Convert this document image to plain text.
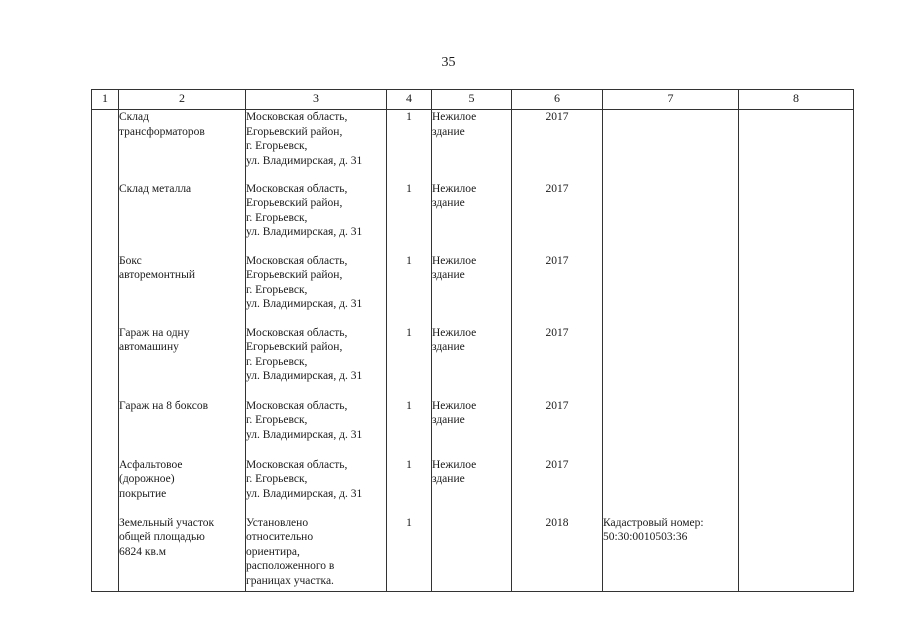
35
1	2	3	4	5	6	7	8
	Склад
трансформаторов	Московская область,
Егорьевский район,
г. Егорьевск,
ул. Владимирская, д. 31	1	Нежилое
здание	2017		
	Склад металла	Московская область,
Егорьевский район,
г. Егорьевск,
ул. Владимирская, д. 31	1	Нежилое
здание	2017		
	Бокс
авторемонтный	Московская область,
Егорьевский район,
г. Егорьевск,
ул. Владимирская, д. 31	1	Нежилое
здание	2017		
	Гараж на одну
автомашину	Московская область,
Егорьевский район,
г. Егорьевск,
ул. Владимирская, д. 31	1	Нежилое
здание	2017		
	Гараж на 8 боксов	Московская область,
г. Егорьевск,
ул. Владимирская, д. 31	1	Нежилое
здание	2017		
	Асфальтовое
(дорожное)
покрытие	Московская область,
г. Егорьевск,
ул. Владимирская, д. 31	1	Нежилое
здание	2017		
	Земельный участок
общей площадью
6824 кв.м	Установлено
относительно
ориентира,
расположенного в
границах участка.	1		2018	Кадастровый номер:
50:30:0010503:36	
